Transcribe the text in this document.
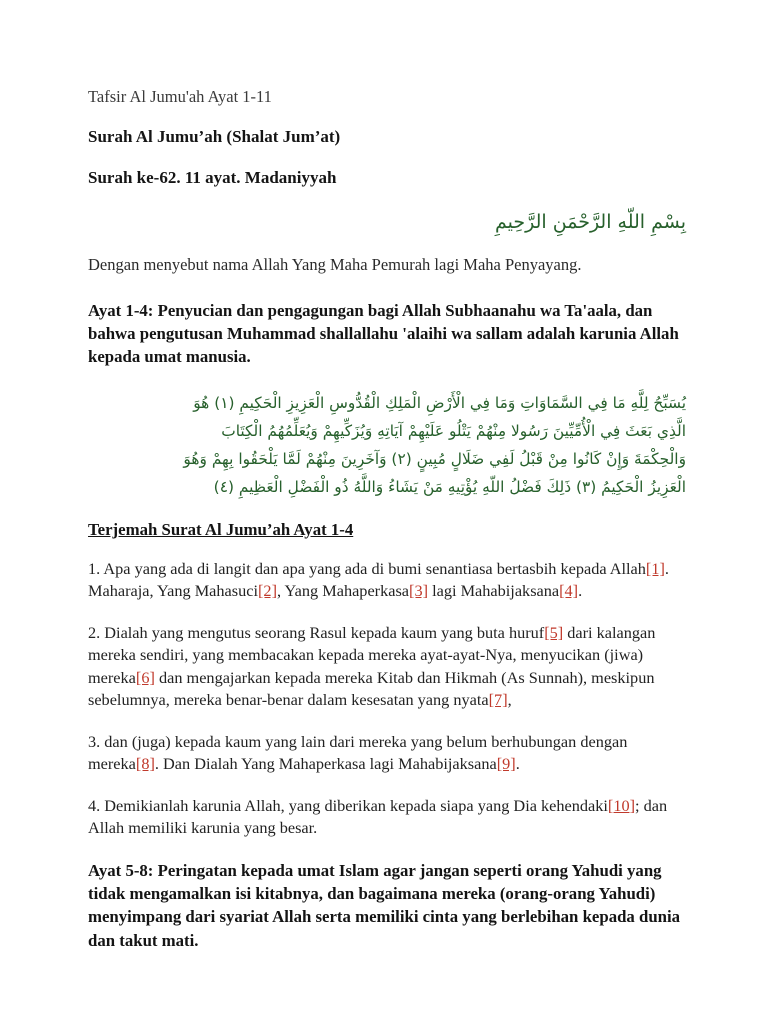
Tafsir Al Jumu'ah Ayat 1-11

Surah Al Jumu’ah (Shalat Jum’at)

Surah ke-62. 11 ayat. Madaniyyah

بِسْمِ اللّهِ الرَّحْمَنِ الرَّحِيمِ

Dengan menyebut nama Allah Yang Maha Pemurah lagi Maha Penyayang.

Ayat 1-4: Penyucian dan pengagungan bagi Allah Subhaanahu wa Ta'aala, dan bahwa pengutusan Muhammad shallallahu 'alaihi wa sallam adalah karunia Allah kepada umat manusia.

يُسَبِّحُ لِلَّهِ مَا فِي السَّمَاوَاتِ وَمَا فِي الْأَرْضِ الْمَلِكِ الْقُدُّوسِ الْعَزِيزِ الْحَكِيمِ (١) هُوَ
الَّذِي بَعَثَ فِي الْأُمِّيِّينَ رَسُولا مِنْهُمْ يَتْلُو عَلَيْهِمْ آيَاتِهِ وَيُزَكِّيهِمْ وَيُعَلِّمُهُمُ الْكِتَابَ
وَالْحِكْمَةَ وَإِنْ كَانُوا مِنْ قَبْلُ لَفِي ضَلَالٍ مُبِينٍ (٢) وَآخَرِينَ مِنْهُمْ لَمَّا يَلْحَقُوا بِهِمْ وَهُوَ
الْعَزِيزُ الْحَكِيمُ (٣) ذَلِكَ فَضْلُ اللّهِ يُؤْتِيهِ مَنْ يَشَاءُ وَاللَّهُ ذُو الْفَضْلِ الْعَظِيمِ (٤)

Terjemah Surat Al Jumu’ah Ayat 1-4

1. Apa yang ada di langit dan apa yang ada di bumi senantiasa bertasbih kepada Allah[1]. Maharaja, Yang Mahasuci[2], Yang Mahaperkasa[3] lagi Mahabijaksana[4].

2. Dialah yang mengutus seorang Rasul kepada kaum yang buta huruf[5] dari kalangan mereka sendiri, yang membacakan kepada mereka ayat-ayat-Nya, menyucikan (jiwa) mereka[6] dan mengajarkan kepada mereka Kitab dan Hikmah (As Sunnah), meskipun sebelumnya, mereka benar-benar dalam kesesatan yang nyata[7],

3. dan (juga) kepada kaum yang lain dari mereka yang belum berhubungan dengan mereka[8]. Dan Dialah Yang Mahaperkasa lagi Mahabijaksana[9].

4. Demikianlah karunia Allah, yang diberikan kepada siapa yang Dia kehendaki[10]; dan Allah memiliki karunia yang besar.

Ayat 5-8: Peringatan kepada umat Islam agar jangan seperti orang Yahudi yang tidak mengamalkan isi kitabnya, dan bagaimana mereka (orang-orang Yahudi) menyimpang dari syariat Allah serta memiliki cinta yang berlebihan kepada dunia dan takut mati.
